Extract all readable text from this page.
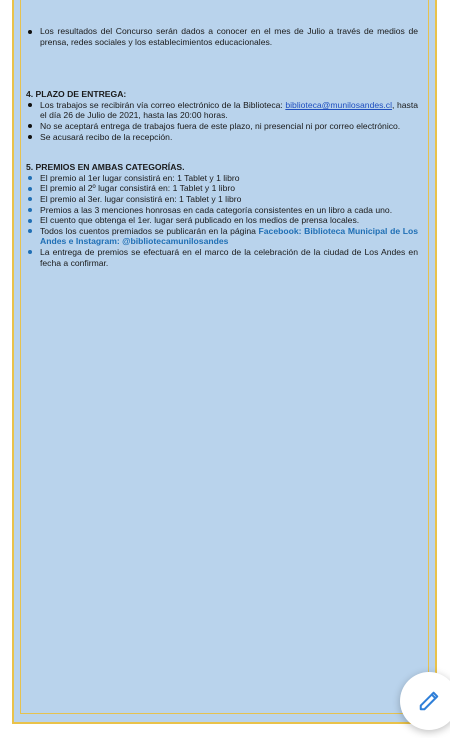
Los resultados del Concurso serán dados a conocer en el mes de Julio a través de medios de prensa, redes sociales y los establecimientos educacionales.
4. PLAZO DE ENTREGA:
Los trabajos se recibirán vía correo electrónico de la Biblioteca: biblioteca@munilosandes.cl, hasta el día 26 de Julio de 2021, hasta las 20:00 horas.
No se aceptará entrega de trabajos fuera de este plazo, ni presencial ni por correo electrónico.
Se acusará recibo de la recepción.
5. PREMIOS EN AMBAS CATEGORÍAS.
El premio al 1er lugar consistirá en: 1 Tablet y 1 libro
El premio al 2º lugar consistirá en: 1 Tablet y 1 libro
El premio al 3er. lugar consistirá en: 1 Tablet y 1 libro
Premios a las 3 menciones honrosas en cada categoría consistentes en un libro a cada uno.
El cuento que obtenga el 1er. lugar será publicado en los medios de prensa locales.
Todos los cuentos premiados se publicarán en la página Facebook: Biblioteca Municipal de Los Andes e Instagram: @bibliotecamunilosandes
La entrega de premios se efectuará en el marco de la celebración de la ciudad de Los Andes en fecha a confirmar.
